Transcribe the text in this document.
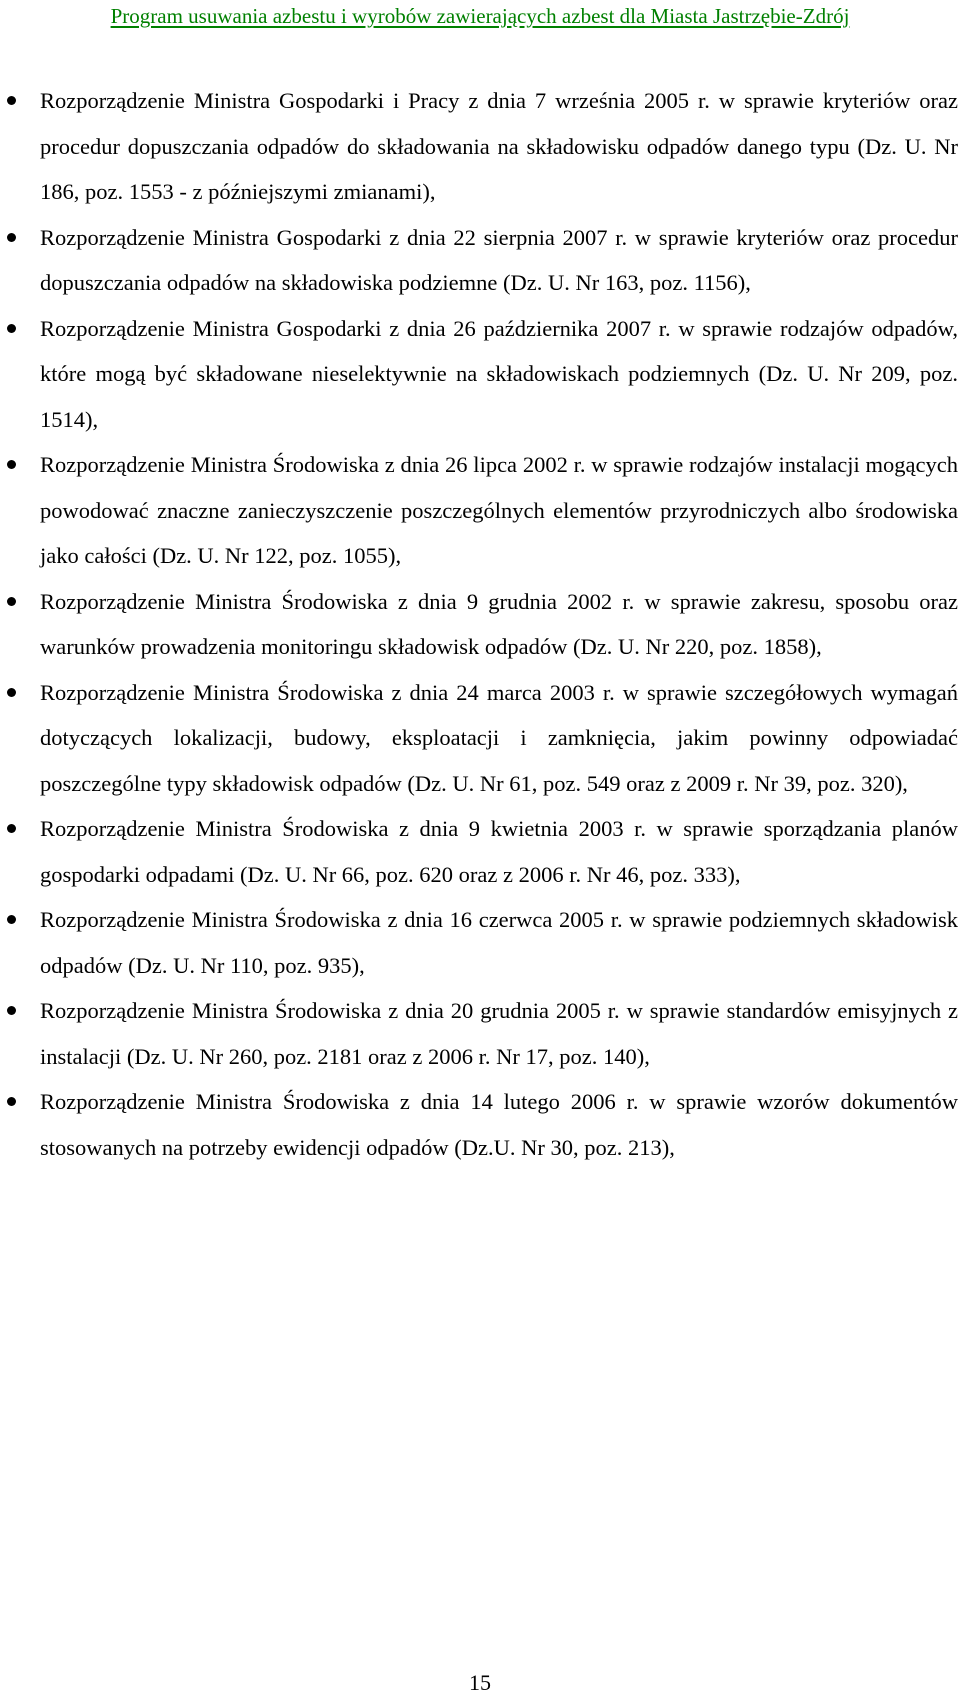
Program usuwania azbestu i wyrobów zawierających azbest dla Miasta Jastrzębie-Zdrój
Rozporządzenie Ministra Gospodarki i Pracy z dnia 7 września 2005 r. w sprawie kryteriów oraz procedur dopuszczania odpadów do składowania na składowisku odpadów danego typu (Dz. U. Nr 186, poz. 1553 - z późniejszymi zmianami),
Rozporządzenie Ministra Gospodarki z dnia 22 sierpnia 2007 r. w sprawie kryteriów oraz procedur dopuszczania odpadów na składowiska podziemne (Dz. U. Nr 163, poz. 1156),
Rozporządzenie Ministra Gospodarki z dnia 26 października 2007 r. w sprawie rodzajów odpadów, które mogą być składowane nieselektywnie na składowiskach podziemnych (Dz. U. Nr 209, poz. 1514),
Rozporządzenie Ministra Środowiska z dnia 26 lipca 2002 r. w sprawie rodzajów instalacji mogących powodować znaczne zanieczyszczenie poszczególnych elementów przyrodniczych albo środowiska jako całości (Dz. U. Nr 122, poz. 1055),
Rozporządzenie Ministra Środowiska z dnia 9 grudnia 2002 r. w sprawie zakresu, sposobu oraz warunków prowadzenia monitoringu składowisk odpadów (Dz. U. Nr 220, poz. 1858),
Rozporządzenie Ministra Środowiska z dnia 24 marca 2003 r. w sprawie szczegółowych wymagań dotyczących lokalizacji, budowy, eksploatacji i zamknięcia, jakim powinny odpowiadać poszczególne typy składowisk odpadów (Dz. U. Nr 61, poz. 549 oraz z 2009 r. Nr 39, poz. 320),
Rozporządzenie Ministra Środowiska z dnia 9 kwietnia 2003 r. w sprawie sporządzania planów gospodarki odpadami (Dz. U. Nr 66, poz. 620 oraz z 2006 r. Nr 46, poz. 333),
Rozporządzenie Ministra Środowiska z dnia 16 czerwca 2005 r. w sprawie podziemnych składowisk odpadów (Dz. U. Nr 110, poz. 935),
Rozporządzenie Ministra Środowiska z dnia 20 grudnia 2005 r. w sprawie standardów emisyjnych z instalacji (Dz. U. Nr 260, poz. 2181 oraz z 2006 r. Nr 17, poz. 140),
Rozporządzenie Ministra Środowiska z dnia 14 lutego 2006 r. w sprawie wzorów dokumentów stosowanych na potrzeby ewidencji odpadów (Dz.U. Nr 30, poz. 213),
15
